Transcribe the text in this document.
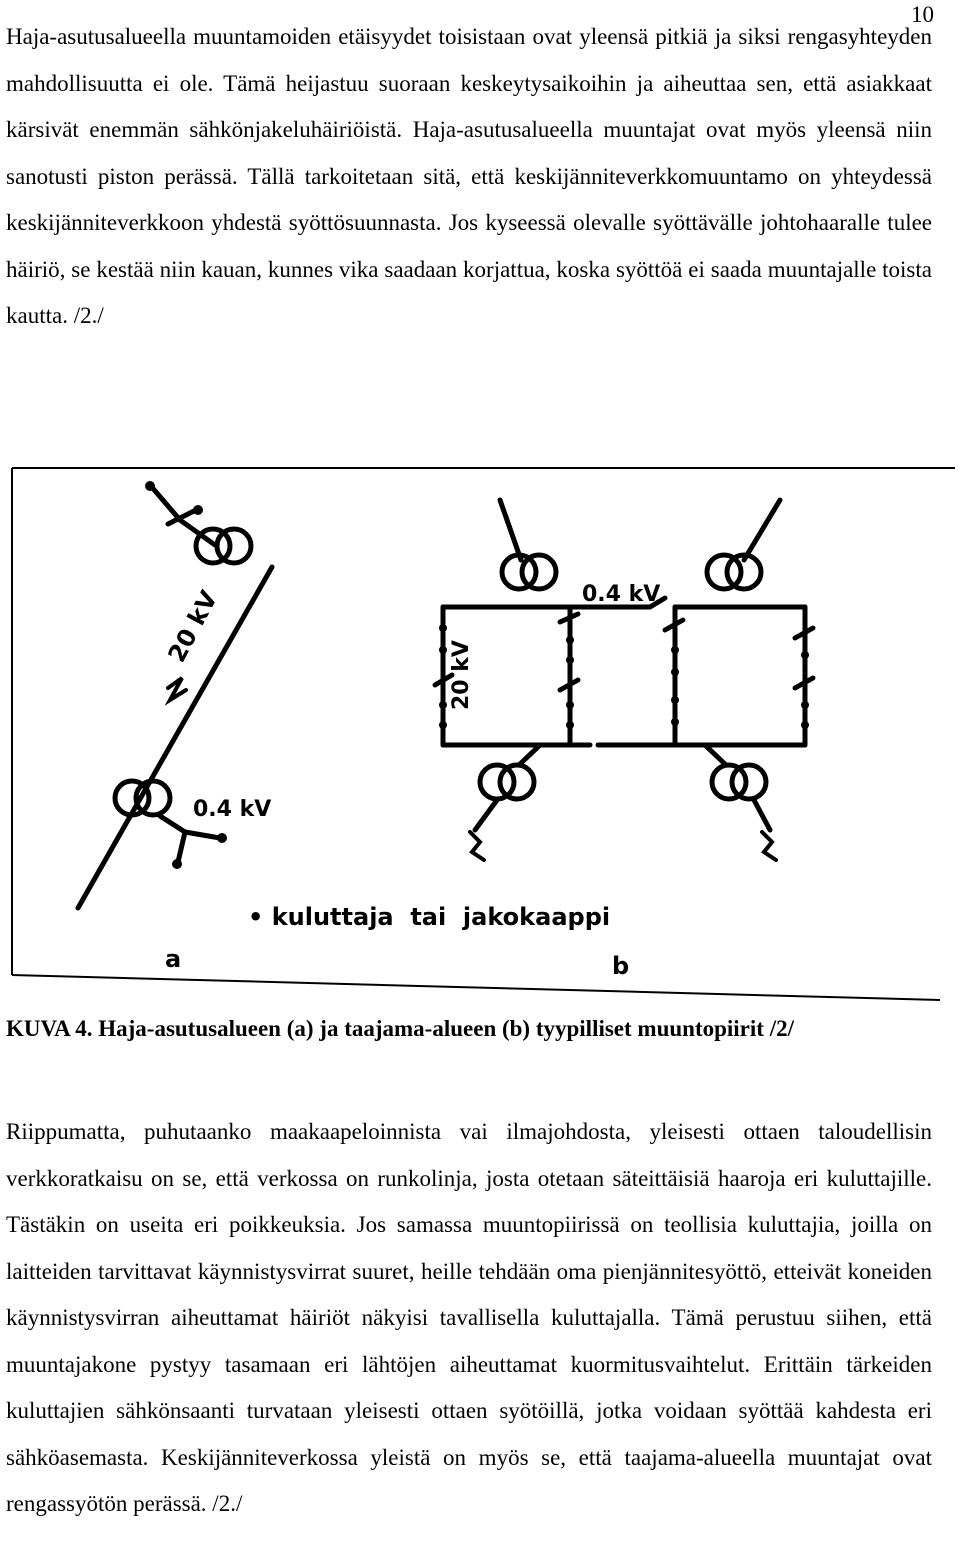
10

Haja-asutusalueella muuntamoiden etäisyydet toisistaan ovat yleensä pitkiä ja siksi rengasyhteyden mahdollisuutta ei ole. Tämä heijastuu suoraan keskeytysaikoihin ja aiheuttaa sen, että asiakkaat kärsivät enemmän sähkönjakeluhäiriöistä. Haja-asutusalueella muuntajat ovat myös yleensä niin sanotusti piston perässä. Tällä tarkoitetaan sitä, että keskijänniteverkkomuuntamo on yhteydessä keskijänniteverkkoon yhdestä syöttösuunnasta. Jos kyseessä olevalle syöttävälle johtohaaralle tulee häiriö, se kestää niin kauan, kunnes vika saadaan korjattua, koska syöttöä ei saada muuntajalle toista kautta. /2./

20 kV
0.4 kV
0.4 kV
20 kV
• kuluttaja  tai  jakokaappi
a	b
KUVA 4. Haja-asutusalueen (a) ja taajama-alueen (b) tyypilliset muuntopiirit /2/

Riippumatta, puhutaanko maakaapeloinnista vai ilmajohdosta, yleisesti ottaen taloudellisin verkkoratkaisu on se, että verkossa on runkolinja, josta otetaan säteittäisiä haaroja eri kuluttajille. Tästäkin on useita eri poikkeuksia. Jos samassa muuntopiirissä on teollisia kuluttajia, joilla on laitteiden tarvittavat käynnistysvirrat suuret, heille tehdään oma pienjännitesyöttö, etteivät koneiden käynnistysvirran aiheuttamat häiriöt näkyisi tavallisella kuluttajalla. Tämä perustuu siihen, että muuntajakone pystyy tasamaan eri lähtöjen aiheuttamat kuormitusvaihtelut. Erittäin tärkeiden kuluttajien sähkönsaanti turvataan yleisesti ottaen syötöillä, jotka voidaan syöttää kahdesta eri sähköasemasta. Keskijänniteverkossa yleistä on myös se, että taajama-alueella muuntajat ovat rengassyötön perässä. /2./
